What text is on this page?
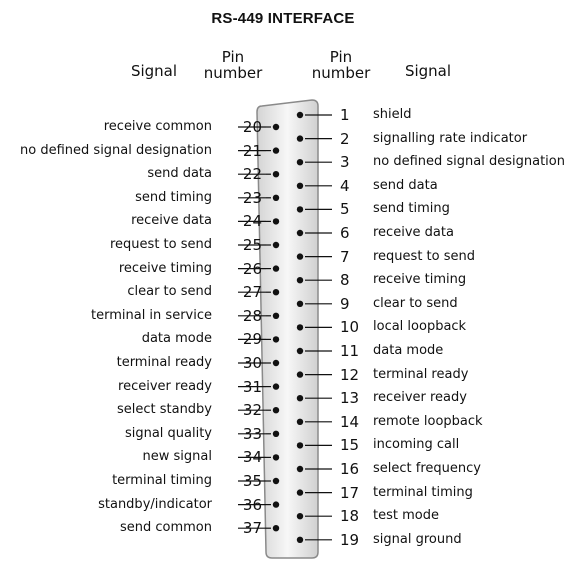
RS-449 INTERFACE
Signal
Pin
number
Pin
number	Signal
1 shield
2 signalling rate indicator
3 no defined signal designation
4 send data
5 send timing
6 receive data
7 request to send
8 receive timing
9 clear to send
10 local loopback
11 data mode
12 terminal ready
13 receiver ready
14 remote loopback
15 incoming call
16 select frequency
17 terminal timing
18 test mode
19 signal ground
20
receive common
21
no defined signal designation
22
send data
23
send timing
24
receive data
25
request to send
26
receive timing
27
clear to send
28
terminal in service
29
data mode
30
terminal ready
31
receiver ready
32
select standby
33
signal quality
34
new signal
35
terminal timing
36
standby/indicator
37
send common
